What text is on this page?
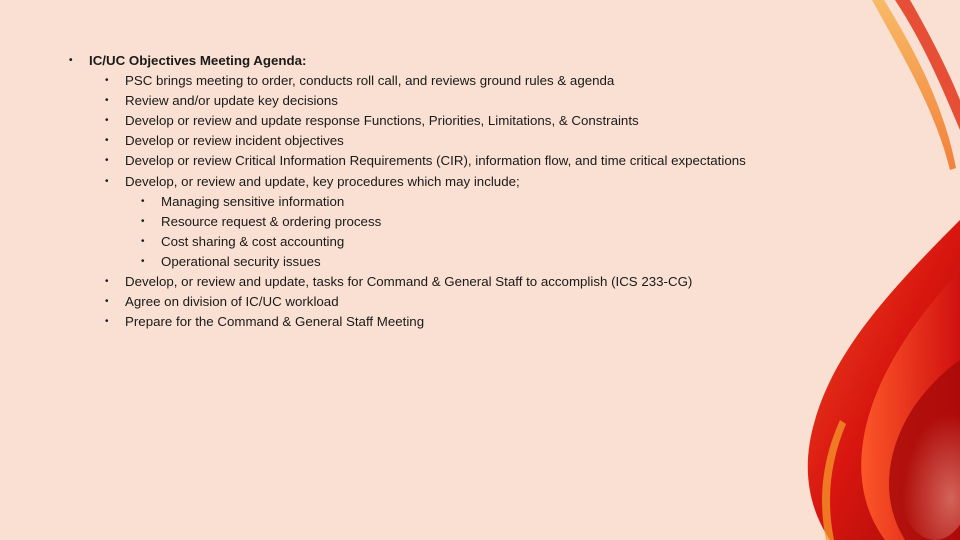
• IC/UC Objectives Meeting Agenda:
• PSC brings meeting to order, conducts roll call, and reviews ground rules & agenda
• Review and/or update key decisions
• Develop or review and update response Functions, Priorities, Limitations, & Constraints
• Develop or review incident objectives
• Develop or review Critical Information Requirements (CIR), information flow, and time critical expectations
• Develop, or review and update, key procedures which may include;
• Managing sensitive information
• Resource request & ordering process
• Cost sharing & cost accounting
• Operational security issues
• Develop, or review and update, tasks for Command & General Staff to accomplish (ICS 233-CG)
• Agree on division of IC/UC workload
• Prepare for the Command & General Staff Meeting
